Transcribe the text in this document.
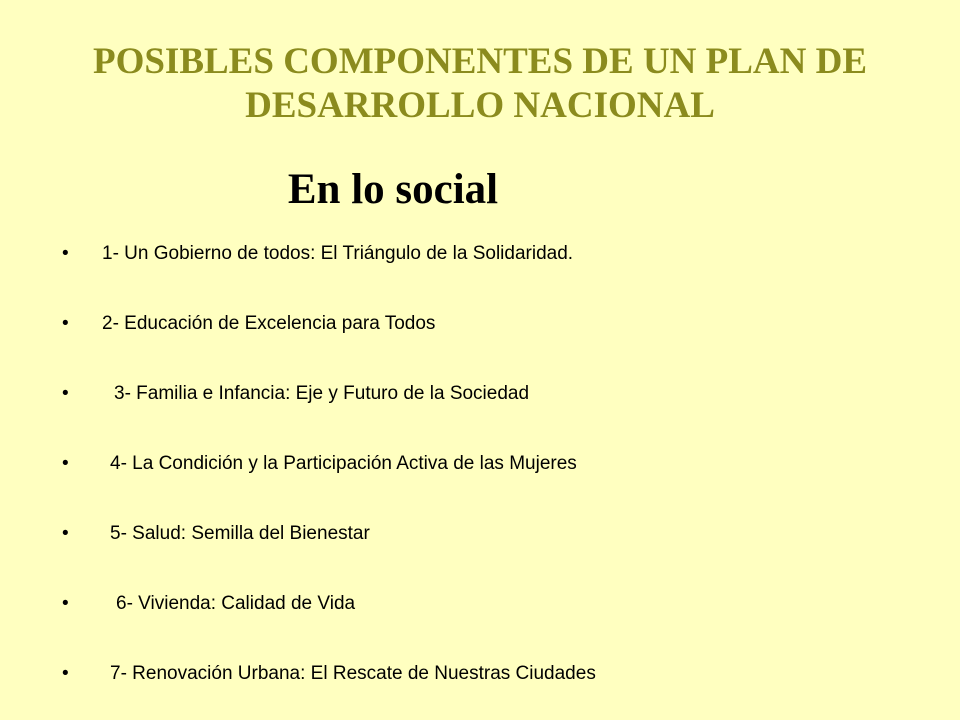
POSIBLES COMPONENTES DE UN PLAN DE
DESARROLLO NACIONAL
En lo social
• 1- Un Gobierno de todos: El Triángulo de la Solidaridad.
• 2- Educación de Excelencia para Todos
• 3- Familia e Infancia: Eje y Futuro de la Sociedad
• 4- La Condición y la Participación Activa de las Mujeres
• 5- Salud: Semilla del Bienestar
• 6- Vivienda: Calidad de Vida
• 7- Renovación Urbana: El Rescate de Nuestras Ciudades
